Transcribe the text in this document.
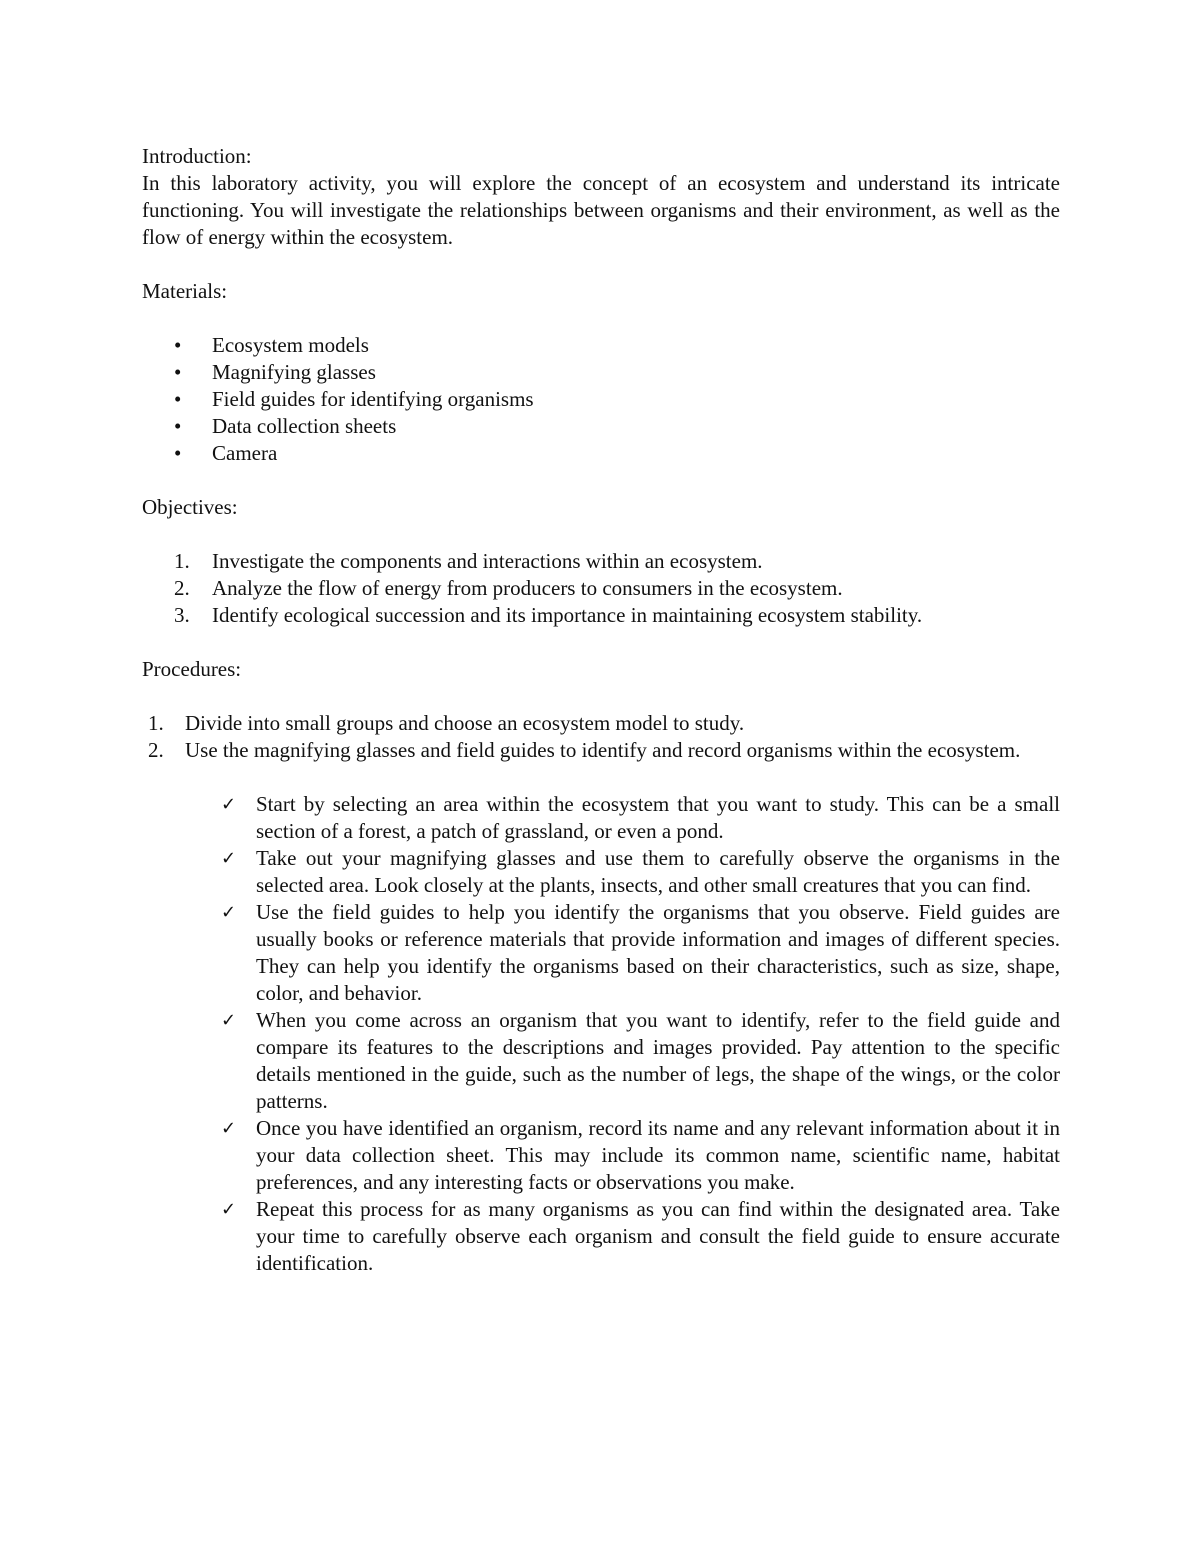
Introduction:

In this laboratory activity, you will explore the concept of an ecosystem and understand its intricate functioning. You will investigate the relationships between organisms and their environment, as well as the flow of energy within the ecosystem.

Materials:

• Ecosystem models
• Magnifying glasses
• Field guides for identifying organisms
• Data collection sheets
• Camera

Objectives:

1. Investigate the components and interactions within an ecosystem.
2. Analyze the flow of energy from producers to consumers in the ecosystem.
3. Identify ecological succession and its importance in maintaining ecosystem stability.

Procedures:

1. Divide into small groups and choose an ecosystem model to study.
2. Use the magnifying glasses and field guides to identify and record organisms within the ecosystem.
✓ Start by selecting an area within the ecosystem that you want to study. This can be a small section of a forest, a patch of grassland, or even a pond.
✓ Take out your magnifying glasses and use them to carefully observe the organisms in the selected area. Look closely at the plants, insects, and other small creatures that you can find.
✓ Use the field guides to help you identify the organisms that you observe. Field guides are usually books or reference materials that provide information and images of different species. They can help you identify the organisms based on their characteristics, such as size, shape, color, and behavior.
✓ When you come across an organism that you want to identify, refer to the field guide and compare its features to the descriptions and images provided. Pay attention to the specific details mentioned in the guide, such as the number of legs, the shape of the wings, or the color patterns.
✓ Once you have identified an organism, record its name and any relevant information about it in your data collection sheet. This may include its common name, scientific name, habitat preferences, and any interesting facts or observations you make.
✓ Repeat this process for as many organisms as you can find within the designated area. Take your time to carefully observe each organism and consult the field guide to ensure accurate identification.
